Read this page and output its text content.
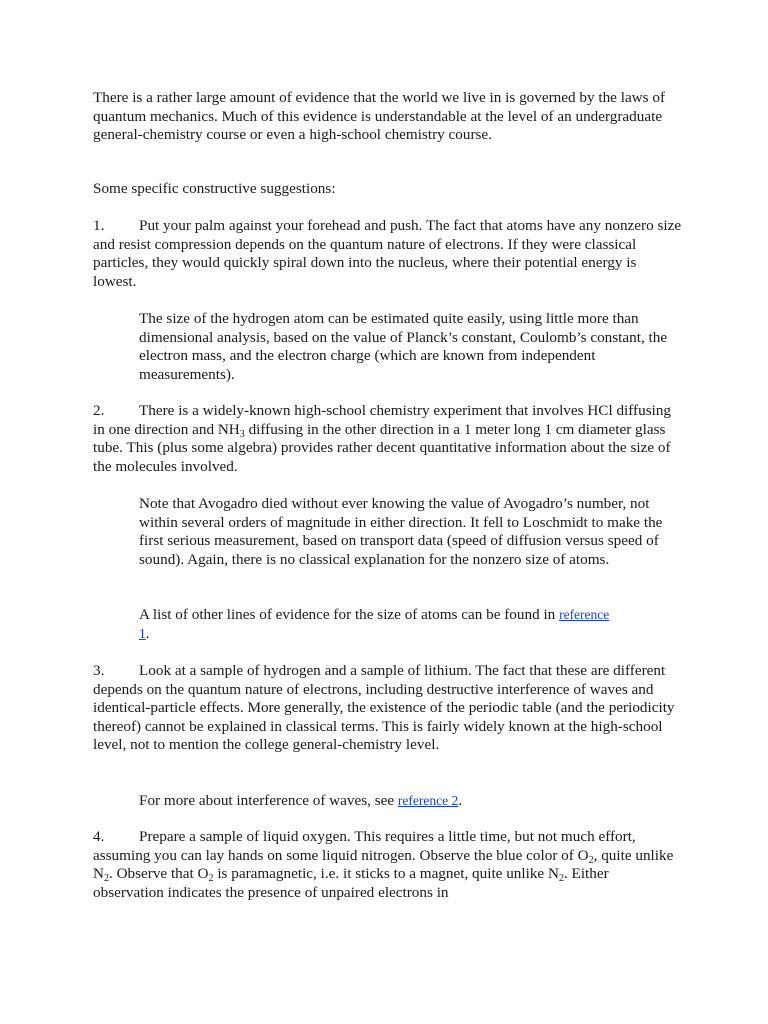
There is a rather large amount of evidence that the world we live in is governed by the laws of quantum mechanics. Much of this evidence is understandable at the level of an undergraduate general-chemistry course or even a high-school chemistry course.

Some specific constructive suggestions:

1. Put your palm against your forehead and push. The fact that atoms have any nonzero size and resist compression depends on the quantum nature of electrons. If they were classical particles, they would quickly spiral down into the nucleus, where their potential energy is lowest.

The size of the hydrogen atom can be estimated quite easily, using little more than dimensional analysis, based on the value of Planck’s constant, Coulomb’s constant, the electron mass, and the electron charge (which are known from independent measurements).

2. There is a widely-known high-school chemistry experiment that involves HCl diffusing in one direction and $NH_3$ diffusing in the other direction in a 1 meter long 1 cm diameter glass tube. This (plus some algebra) provides rather decent quantitative information about the size of the molecules involved.

Note that Avogadro died without ever knowing the value of Avogadro’s number, not within several orders of magnitude in either direction. It fell to Loschmidt to make the first serious measurement, based on transport data (speed of diffusion versus speed of sound). Again, there is no classical explanation for the nonzero size of atoms.

A list of other lines of evidence for the size of atoms can be found in reference 1.

3. Look at a sample of hydrogen and a sample of lithium. The fact that these are different depends on the quantum nature of electrons, including destructive interference of waves and identical-particle effects. More generally, the existence of the periodic table (and the periodicity thereof) cannot be explained in classical terms. This is fairly widely known at the high-school level, not to mention the college general-chemistry level.

For more about interference of waves, see reference 2.

4. Prepare a sample of liquid oxygen. This requires a little time, but not much effort, assuming you can lay hands on some liquid nitrogen. Observe the blue color of $O_2$, quite unlike $N_2$. Observe that $O_2$ is paramagnetic, i.e. it sticks to a magnet, quite unlike $N_2$. Either observation indicates the presence of unpaired electrons in
